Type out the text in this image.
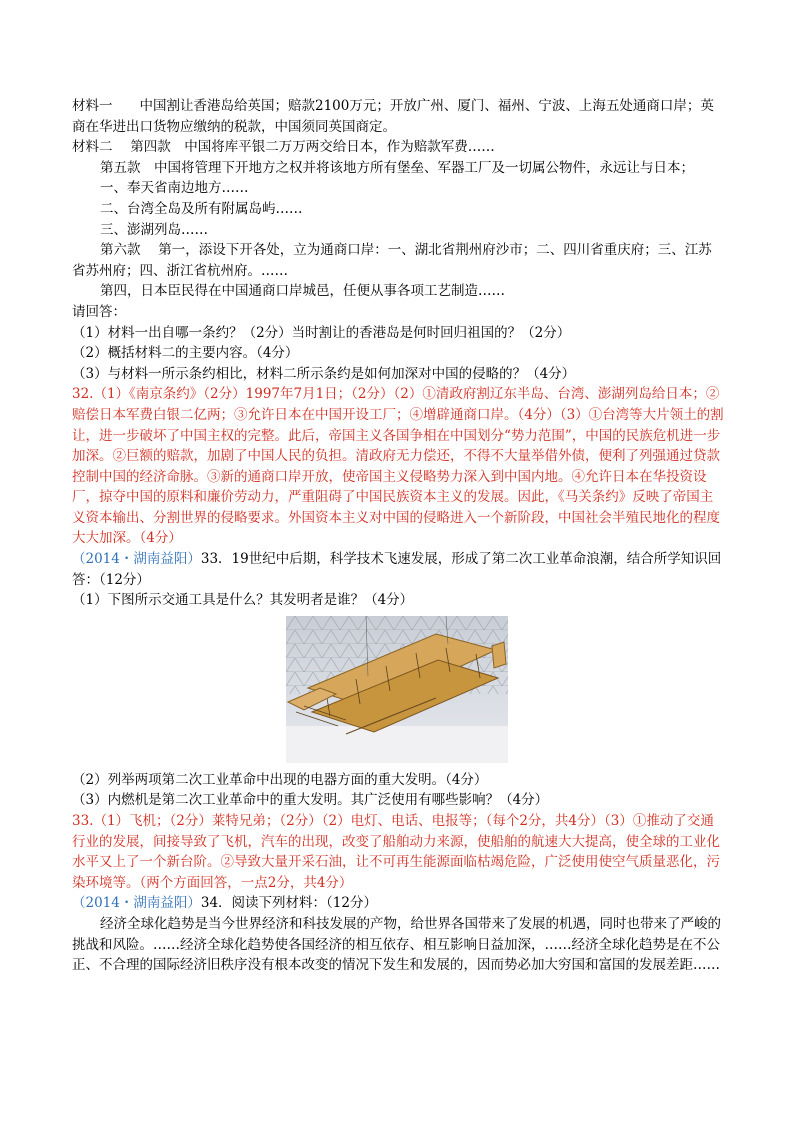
材料一　　中国割让香港岛给英国；赔款2100万元；开放广州、厦门、福州、宁波、上海五处通商口岸；英商在华进出口货物应缴纳的税款，中国须同英国商定。

材料二　 第四款　中国将库平银二万万两交给日本，作为赔款军费……

第五款　中国将管理下开地方之权并将该地方所有堡垒、军器工厂及一切属公物件，永远让与日本；

一、奉天省南边地方……

二、台湾全岛及所有附属岛屿……

三、澎湖列岛……

第六款　 第一，添设下开各处，立为通商口岸：一、湖北省荆州府沙市；二、四川省重庆府；三、江苏省苏州府；四、浙江省杭州府。……

第四，日本臣民得在中国通商口岸城邑，任便从事各项工艺制造……

请回答：

（1）材料一出自哪一条约？（2分）当时割让的香港岛是何时回归祖国的？（2分）

（2）概括材料二的主要内容。（4分）

（3）与材料一所示条约相比，材料二所示条约是如何加深对中国的侵略的？（4分）

32.（1）《南京条约》（2分）1997年7月1日；（2分）（2）①清政府割辽东半岛、台湾、澎湖列岛给日本；②赔偿日本军费白银二亿两；③允许日本在中国开设工厂；④增辟通商口岸。（4分）（3）①台湾等大片领土的割让，进一步破坏了中国主权的完整。此后，帝国主义各国争相在中国划分“势力范围”，中国的民族危机进一步加深。②巨额的赔款，加剧了中国人民的负担。清政府无力偿还，不得不大量举借外债，便利了列强通过贷款控制中国的经济命脉。③新的通商口岸开放，使帝国主义侵略势力深入到中国内地。④允许日本在华投资设厂，掠夺中国的原料和廉价劳动力，严重阻碍了中国民族资本主义的发展。因此，《马关条约》反映了帝国主义资本输出、分割世界的侵略要求。外国资本主义对中国的侵略进入一个新阶段，中国社会半殖民地化的程度大大加深。（4分）

（2014・湖南益阳）33．19世纪中后期，科学技术飞速发展，形成了第二次工业革命浪潮，结合所学知识回答：（12分）

（1）下图所示交通工具是什么？其发明者是谁？（4分）

（2）列举两项第二次工业革命中出现的电器方面的重大发明。（4分）

（3）内燃机是第二次工业革命中的重大发明。其广泛使用有哪些影响？（4分）

33.（1）飞机；（2分）莱特兄弟；（2分）（2）电灯、电话、电报等；（每个2分，共4分）（3）①推动了交通行业的发展，间接导致了飞机，汽车的出现，改变了船舶动力来源，使船舶的航速大大提高，使全球的工业化水平又上了一个新台阶。②导致大量开采石油，让不可再生能源面临枯竭危险，广泛使用使空气质量恶化，污染环境等。（两个方面回答，一点2分，共4分）

（2014・湖南益阳）34．阅读下列材料：（12分）

经济全球化趋势是当今世界经济和科技发展的产物，给世界各国带来了发展的机遇，同时也带来了严峻的挑战和风险。……经济全球化趋势使各国经济的相互依存、相互影响日益加深，……经济全球化趋势是在不公正、不合理的国际经济旧秩序没有根本改变的情况下发生和发展的，因而势必加大穷国和富国的发展差距……
